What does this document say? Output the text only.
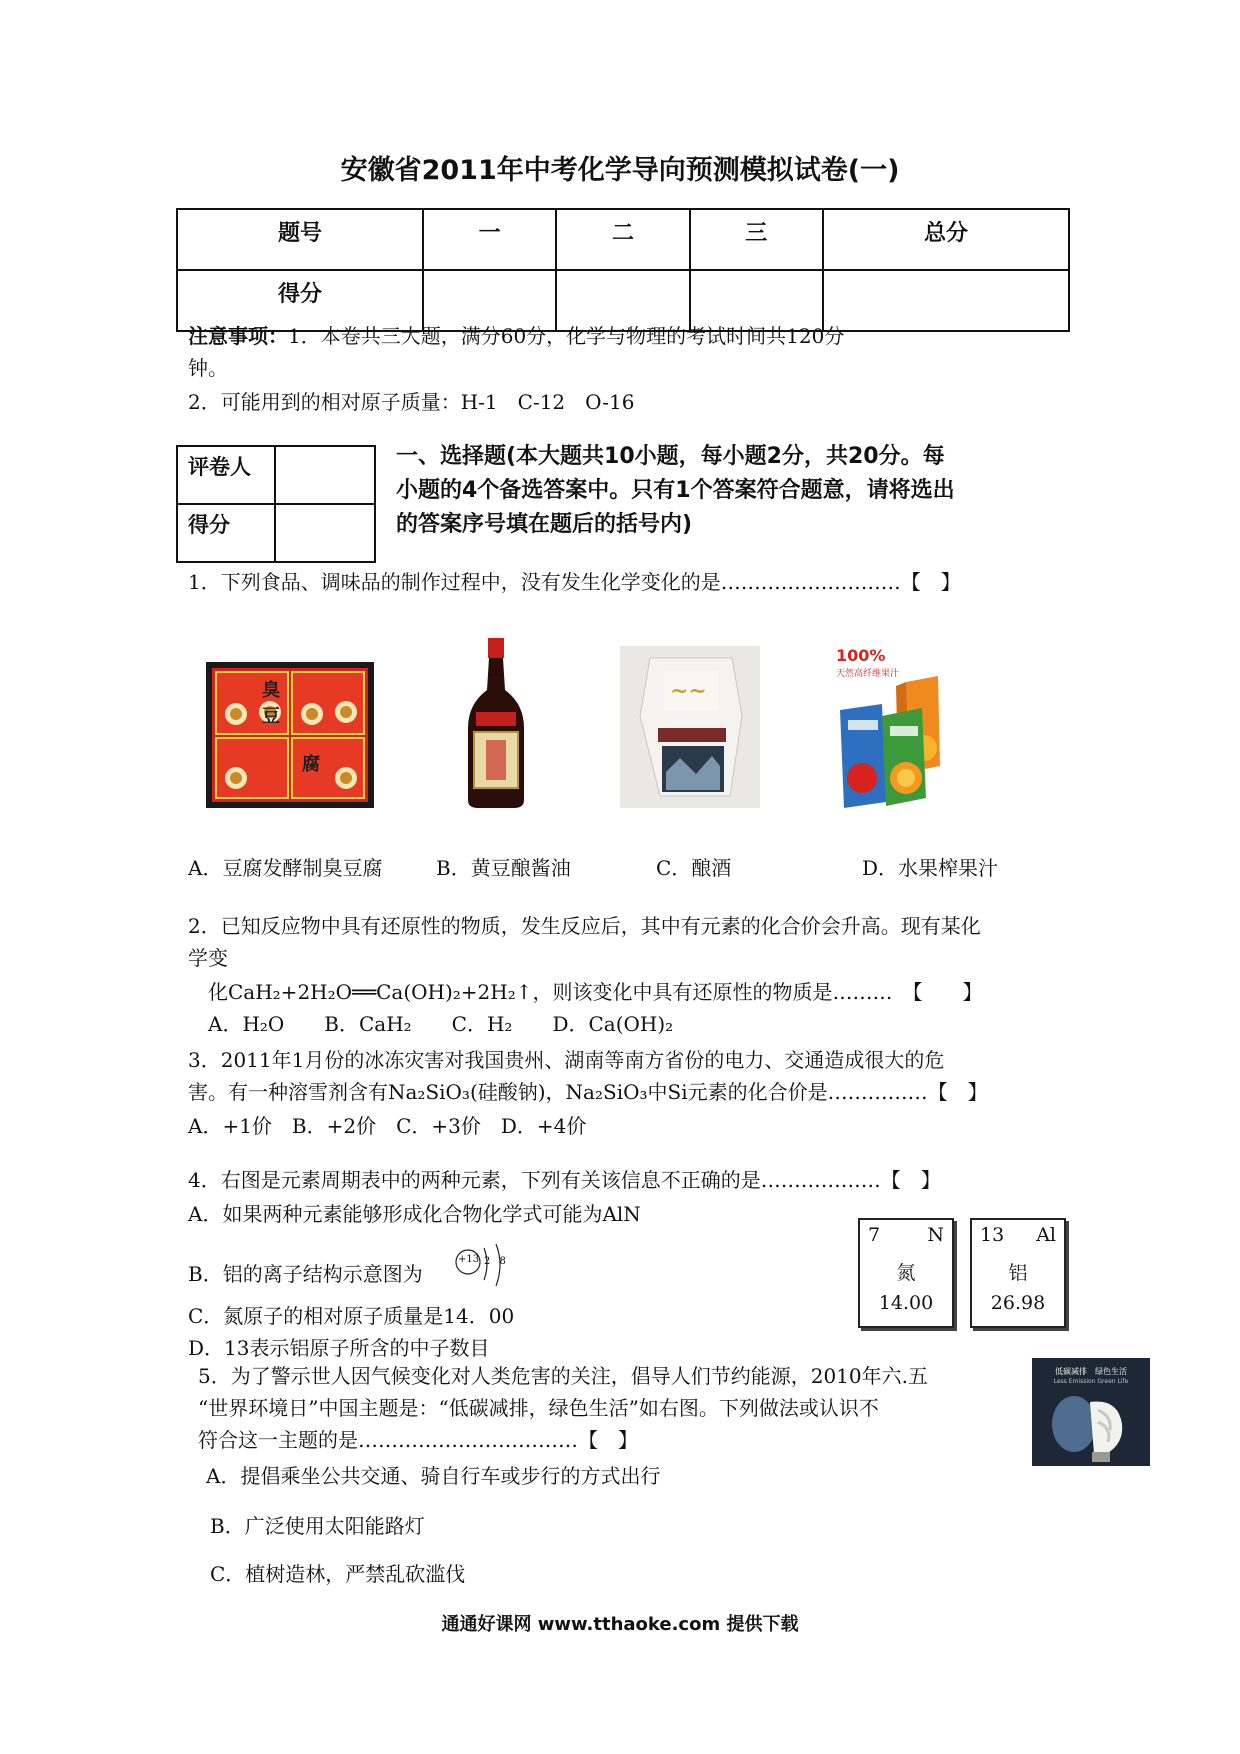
安徽省2011年中考化学导向预测模拟试卷(一)
题号	一	二	三	总分
得分				
注意事项：1．本卷共三大题，满分60分，化学与物理的考试时间共120分
钟。
2．可能用到的相对原子质量：H-1　C-12　O-16
评卷人	
得分	
一、选择题(本大题共10小题，每小题2分，共20分。每
小题的4个备选答案中。只有1个答案符合题意，请将选出
的答案序号填在题后的括号内)
1．下列食品、调味品的制作过程中，没有发生化学变化的是………………………【　】
臭
豆
腐
~~
100%
天然高纤维果汁
A．豆腐发酵制臭豆腐	B．黄豆酿酱油	C．酿酒	D．水果榨果汁
2．已知反应物中具有还原性的物质，发生反应后，其中有元素的化合价会升高。现有某化
学变
化CaH₂+2H₂O══Ca(OH)₂+2H₂↑，则该变化中具有还原性的物质是………　【　　】
A．H₂O　　B．CaH₂　　C．H₂　　D．Ca(OH)₂
3．2011年1月份的冰冻灾害对我国贵州、湖南等南方省份的电力、交通造成很大的危
害。有一种溶雪剂含有Na₂SiO₃(硅酸钠)，Na₂SiO₃中Si元素的化合价是……………【　】
A．+1价　B．+2价　C．+3价　D．+4价
4．右图是元素周期表中的两种元素，下列有关该信息不正确的是………………【　】
A．如果两种元素能够形成化合物化学式可能为AlN
B．铝的离子结构示意图为
+13 2 8
C．氮原子的相对原子质量是14．00
D．13表示铝原子所含的中子数目
7 N
氮
14.00
13 Al
铝
26.98
5．为了警示世人因气候变化对人类危害的关注，倡导人们节约能源，2010年六.五
“世界环境日”中国主题是：“低碳减排，绿色生活”如右图。下列做法或认识不
符合这一主题的是……………………………【　】
低碳减排　绿色生活
Less Emission Green Life
A．提倡乘坐公共交通、骑自行车或步行的方式出行
B．广泛使用太阳能路灯
C．植树造林，严禁乱砍滥伐
通通好课网 www.tthaoke.com 提供下载
